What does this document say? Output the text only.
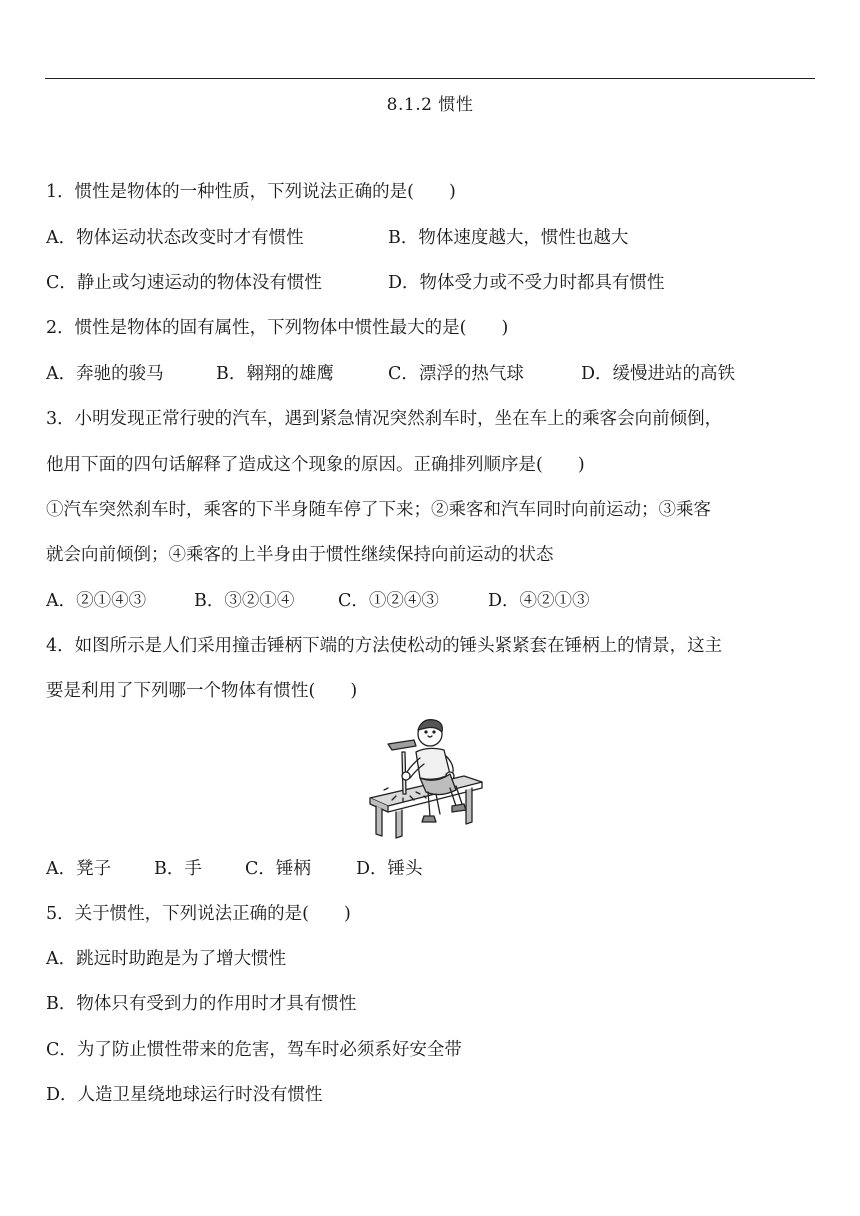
8.1.2 惯性
1．惯性是物体的一种性质，下列说法正确的是(　　)
A．物体运动状态改变时才有惯性	B．物体速度越大，惯性也越大
C．静止或匀速运动的物体没有惯性	D．物体受力或不受力时都具有惯性
2．惯性是物体的固有属性，下列物体中惯性最大的是(　　)
A．奔驰的骏马	B．翱翔的雄鹰	C．漂浮的热气球	D．缓慢进站的高铁
3．小明发现正常行驶的汽车，遇到紧急情况突然刹车时，坐在车上的乘客会向前倾倒，
他用下面的四句话解释了造成这个现象的原因。正确排列顺序是(　　)
①汽车突然刹车时，乘客的下半身随车停了下来；②乘客和汽车同时向前运动；③乘客
就会向前倾倒；④乘客的上半身由于惯性继续保持向前运动的状态
A．②①④③	B．③②①④ C．①②④③	D．④②①③
4．如图所示是人们采用撞击锤柄下端的方法使松动的锤头紧紧套在锤柄上的情景，这主
要是利用了下列哪一个物体有惯性(　　)
A．凳子 B．手 C．锤柄	D．锤头
5．关于惯性，下列说法正确的是(　　)
A．跳远时助跑是为了增大惯性
B．物体只有受到力的作用时才具有惯性
C．为了防止惯性带来的危害，驾车时必须系好安全带
D．人造卫星绕地球运行时没有惯性
